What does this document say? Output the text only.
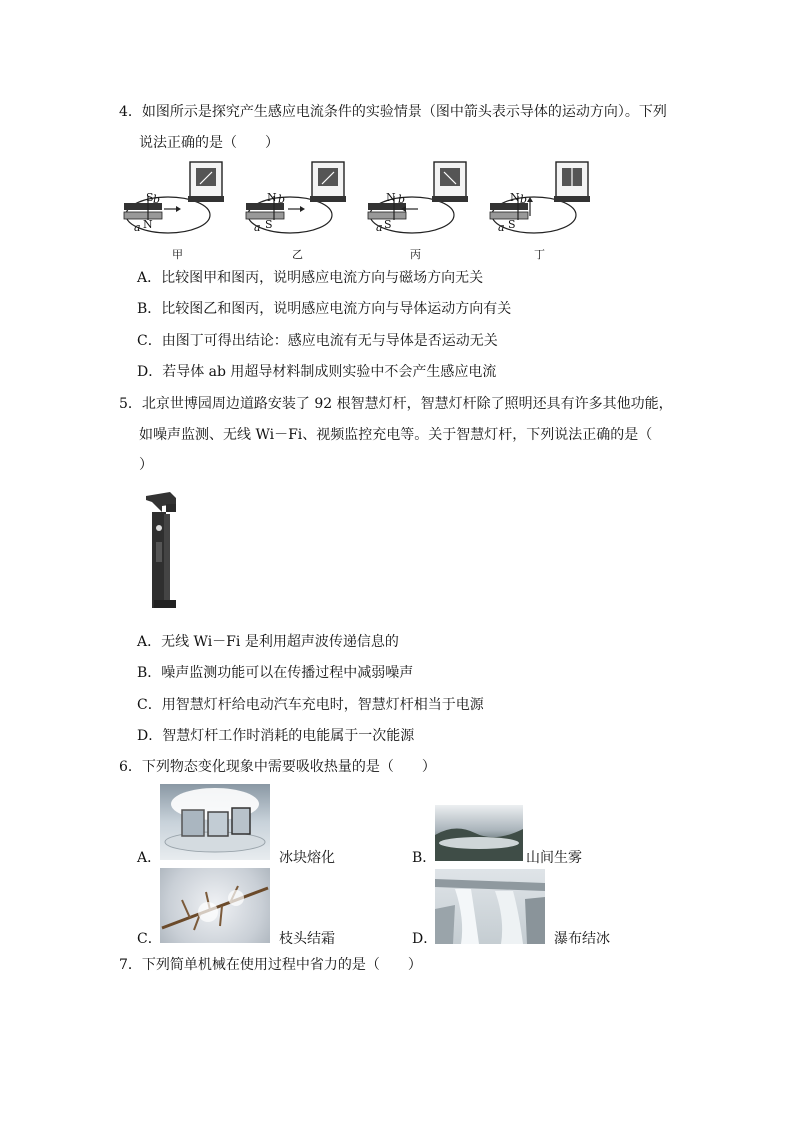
4．如图所示是探究产生感应电流条件的实验情景（图中箭头表示导体的运动方向）。下列
说法正确的是（　　）
S
N
b
a
甲
N
S
b
a
乙
N
S
b
a
丙
N
S
b
a
丁
A．比较图甲和图丙，说明感应电流方向与磁场方向无关
B．比较图乙和图丙，说明感应电流方向与导体运动方向有关
C．由图丁可得出结论：感应电流有无与导体是否运动无关
D．若导体 ab 用超导材料制成则实验中不会产生感应电流
5．北京世博园周边道路安装了 92 根智慧灯杆，智慧灯杆除了照明还具有许多其他功能，
如噪声监测、无线 Wi－Fi、视频监控充电等。关于智慧灯杆，下列说法正确的是（
）
A．无线 Wi－Fi 是利用超声波传递信息的
B．噪声监测功能可以在传播过程中减弱噪声
C．用智慧灯杆给电动汽车充电时，智慧灯杆相当于电源
D．智慧灯杆工作时消耗的电能属于一次能源
6．下列物态变化现象中需要吸收热量的是（　　）
A．	冰块熔化	B．	山间生雾
C．	枝头结霜	D．	瀑布结冰
7．下列简单机械在使用过程中省力的是（　　）
